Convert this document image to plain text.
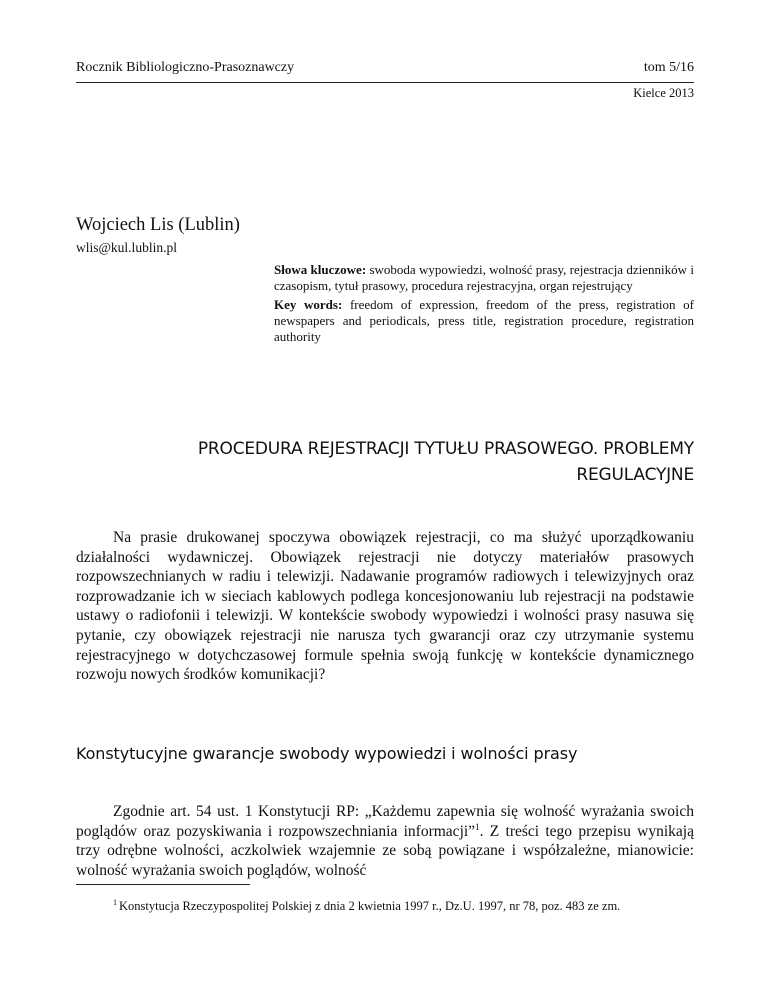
Rocznik Bibliologiczno-Prasoznawczy	tom 5/16
Kielce 2013
Wojciech Lis (Lublin)
wlis@kul.lublin.pl

Słowa kluczowe: swoboda wypowiedzi, wolność prasy, rejestracja dzienników i czasopism, tytuł prasowy, procedura rejestracyjna, organ rejestrujący

Key words: freedom of expression, freedom of the press, registration of newspapers and periodicals, press title, registration procedure, registration authority

PROCEDURA REJESTRACJI TYTUŁU PRASOWEGO. PROBLEMY
REGULACYJNE

Na prasie drukowanej spoczywa obowiązek rejestracji, co ma służyć uporządkowaniu działalności wydawniczej. Obowiązek rejestracji nie dotyczy materiałów prasowych rozpowszechnianych w radiu i telewizji. Nadawanie programów radiowych i telewizyjnych oraz rozprowadzanie ich w sieciach kablowych podlega koncesjonowaniu lub rejestracji na podstawie ustawy o radiofonii i telewizji. W kontekście swobody wypowiedzi i wolności prasy nasuwa się pytanie, czy obowiązek rejestracji nie narusza tych gwarancji oraz czy utrzymanie systemu rejestracyjnego w dotychczasowej formule spełnia swoją funkcję w kontekście dynamicznego rozwoju nowych środków komunikacji?

Konstytucyjne gwarancje swobody wypowiedzi i wolności prasy

Zgodnie art. 54 ust. 1 Konstytucji RP: „Każdemu zapewnia się wolność wyrażania swoich poglądów oraz pozyskiwania i rozpowszechniania informacji”$^1$. Z treści tego przepisu wynikają trzy odrębne wolności, aczkolwiek wzajemnie ze sobą powiązane i współzależne, mianowicie: wolność wyrażania swoich poglądów, wolność

$^1$ Konstytucja Rzeczypospolitej Polskiej z dnia 2 kwietnia 1997 r., Dz.U. 1997, nr 78, poz. 483 ze zm.
